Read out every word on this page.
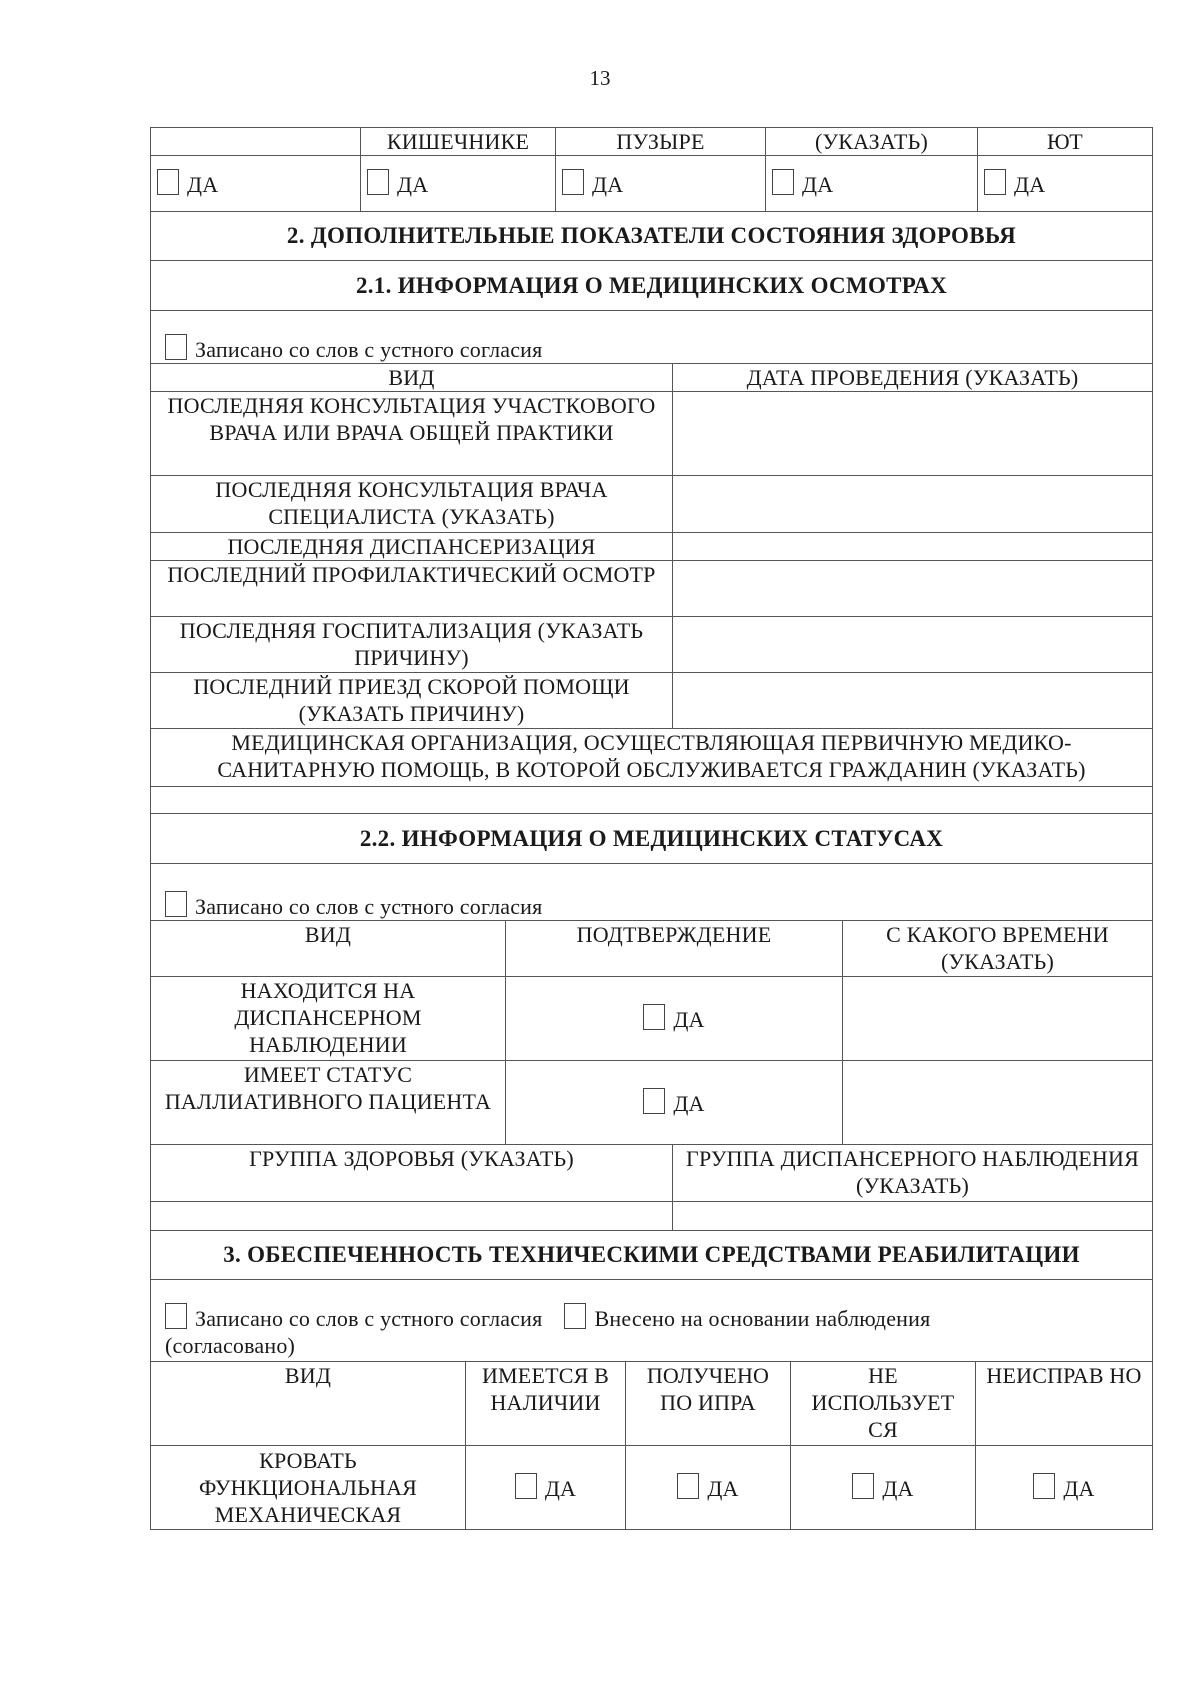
13
	КИШЕЧНИКЕ	ПУЗЫРЕ	(УКАЗАТЬ)	ЮТ
ДА	ДА	ДА	ДА	ДА
2. ДОПОЛНИТЕЛЬНЫЕ ПОКАЗАТЕЛИ СОСТОЯНИЯ ЗДОРОВЬЯ	
2.1. ИНФОРМАЦИЯ О МЕДИЦИНСКИХ ОСМОТРАХ	
Записано со слов с устного согласия	
ВИД	ДАТА ПРОВЕДЕНИЯ (УКАЗАТЬ)
ПОСЛЕДНЯЯ КОНСУЛЬТАЦИЯ УЧАСТКОВОГО ВРАЧА ИЛИ ВРАЧА ОБЩЕЙ ПРАКТИКИ	
ПОСЛЕДНЯЯ КОНСУЛЬТАЦИЯ ВРАЧА СПЕЦИАЛИСТА (УКАЗАТЬ)	
ПОСЛЕДНЯЯ ДИСПАНСЕРИЗАЦИЯ	
ПОСЛЕДНИЙ ПРОФИЛАКТИЧЕСКИЙ ОСМОТР	
ПОСЛЕДНЯЯ ГОСПИТАЛИЗАЦИЯ (УКАЗАТЬ ПРИЧИНУ)	
ПОСЛЕДНИЙ ПРИЕЗД СКОРОЙ ПОМОЩИ (УКАЗАТЬ ПРИЧИНУ)	
МЕДИЦИНСКАЯ ОРГАНИЗАЦИЯ, ОСУЩЕСТВЛЯЮЩАЯ ПЕРВИЧНУЮ МЕДИКО-САНИТАРНУЮ ПОМОЩЬ, В КОТОРОЙ ОБСЛУЖИВАЕТСЯ ГРАЖДАНИН (УКАЗАТЬ)	

2.2. ИНФОРМАЦИЯ О МЕДИЦИНСКИХ СТАТУСАХ		
Записано со слов с устного согласия		
ВИД	ПОДТВЕРЖДЕНИЕ	С КАКОГО ВРЕМЕНИ (УКАЗАТЬ)
НАХОДИТСЯ НА ДИСПАНСЕРНОМ НАБЛЮДЕНИИ	ДА	
ИМЕЕТ СТАТУС ПАЛЛИАТИВНОГО ПАЦИЕНТА	ДА	
ГРУППА ЗДОРОВЬЯ (УКАЗАТЬ)	ГРУППА ДИСПАНСЕРНОГО НАБЛЮДЕНИЯ (УКАЗАТЬ)

3. ОБЕСПЕЧЕННОСТЬ ТЕХНИЧЕСКИМИ СРЕДСТВАМИ РЕАБИЛИТАЦИИ				
Записано со слов с устного согласия Внесено на основании наблюдения
(согласовано)				
ВИД	ИМЕЕТСЯ В НАЛИЧИИ	ПОЛУЧЕНО ПО ИПРА	НЕ ИСПОЛЬЗУЕТ СЯ	НЕИСПРАВ НО
КРОВАТЬ ФУНКЦИОНАЛЬНАЯ МЕХАНИЧЕСКАЯ	ДА	ДА	ДА	ДА
